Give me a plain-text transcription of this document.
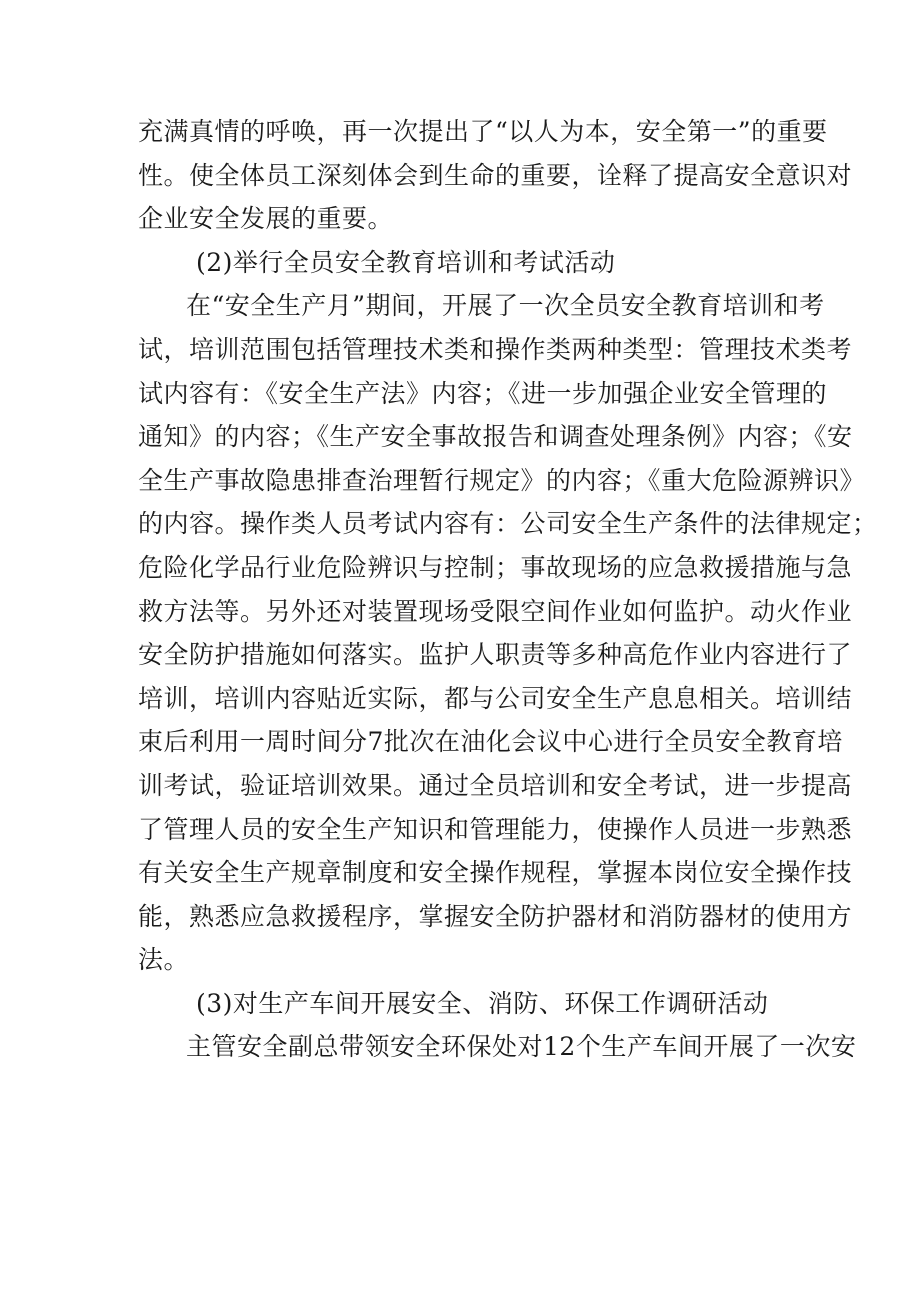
充满真情的呼唤，再一次提出了“以人为本，安全第一”的重要
性。使全体员工深刻体会到生命的重要，诠释了提高安全意识对
企业安全发展的重要。
(2)举行全员安全教育培训和考试活动
在“安全生产月”期间，开展了一次全员安全教育培训和考
试，培训范围包括管理技术类和操作类两种类型：管理技术类考
试内容有：《安全生产法》内容；《进一步加强企业安全管理的
通知》的内容；《生产安全事故报告和调查处理条例》内容；《安
全生产事故隐患排查治理暂行规定》的内容；《重大危险源辨识》
的内容。操作类人员考试内容有：公司安全生产条件的法律规定；
危险化学品行业危险辨识与控制；事故现场的应急救援措施与急
救方法等。另外还对装置现场受限空间作业如何监护。动火作业
安全防护措施如何落实。监护人职责等多种高危作业内容进行了
培训，培训内容贴近实际，都与公司安全生产息息相关。培训结
束后利用一周时间分7批次在油化会议中心进行全员安全教育培
训考试，验证培训效果。通过全员培训和安全考试，进一步提高
了管理人员的安全生产知识和管理能力，使操作人员进一步熟悉
有关安全生产规章制度和安全操作规程，掌握本岗位安全操作技
能，熟悉应急救援程序，掌握安全防护器材和消防器材的使用方
法。
(3)对生产车间开展安全、消防、环保工作调研活动
主管安全副总带领安全环保处对12个生产车间开展了一次安
